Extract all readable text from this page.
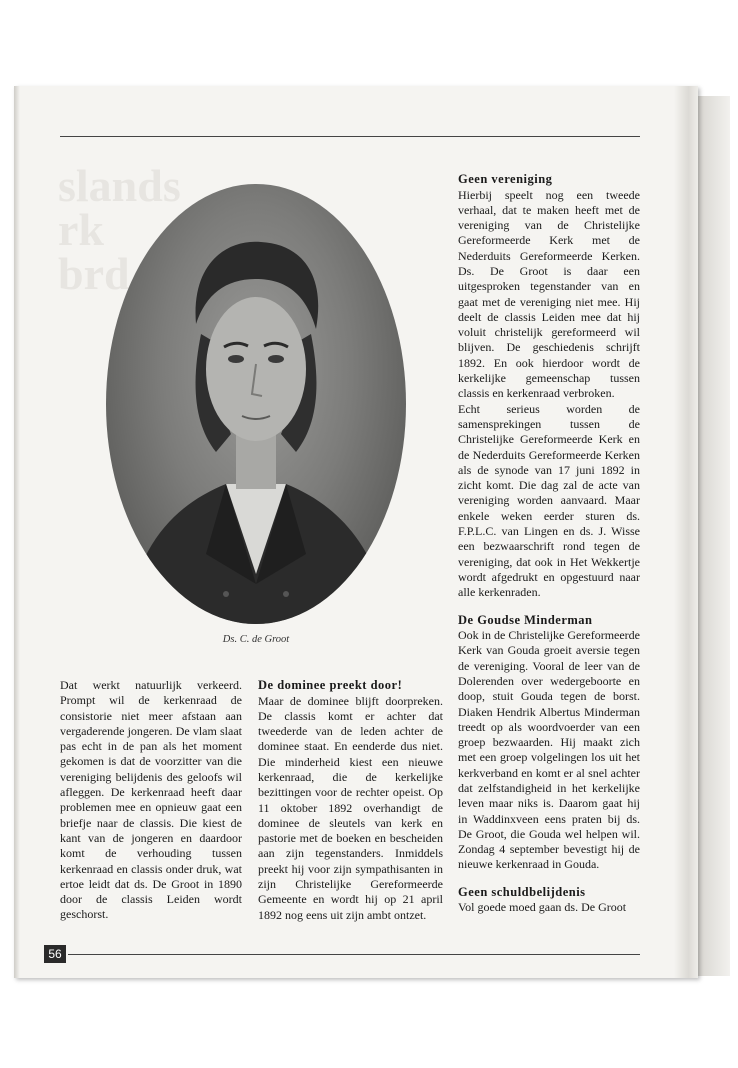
slands
rk
brd
Ds. C. de Groot

Dat werkt natuurlijk verkeerd. Prompt wil de kerkenraad de consistorie niet meer afstaan aan vergaderende jongeren. De vlam slaat pas echt in de pan als het moment gekomen is dat de voorzitter van die vereniging belijdenis des geloofs wil afleggen. De kerkenraad heeft daar problemen mee en opnieuw gaat een briefje naar de classis. Die kiest de kant van de jongeren en daardoor komt de verhouding tussen kerkenraad en classis onder druk, wat ertoe leidt dat ds. De Groot in 1890 door de classis Leiden wordt geschorst.

De dominee preekt door!

Maar de dominee blijft doorpreken. De classis komt er achter dat tweederde van de leden achter de dominee staat. En eenderde dus niet. Die minderheid kiest een nieuwe kerkenraad, die de kerkelijke bezittingen voor de rechter opeist. Op 11 oktober 1892 overhandigt de dominee de sleutels van kerk en pastorie met de boeken en bescheiden aan zijn tegenstanders. Inmiddels preekt hij voor zijn sympathisanten in zijn Christelijke Gereformeerde Gemeente en wordt hij op 21 april 1892 nog eens uit zijn ambt ontzet.

Geen vereniging

Hierbij speelt nog een tweede verhaal, dat te maken heeft met de vereniging van de Christelijke Gereformeerde Kerk met de Nederduits Gereformeerde Kerken. Ds. De Groot is daar een uitgesproken tegenstander van en gaat met de vereniging niet mee. Hij deelt de classis Leiden mee dat hij voluit christelijk gereformeerd wil blijven. De geschiedenis schrijft 1892. En ook hierdoor wordt de kerkelijke gemeenschap tussen classis en kerkenraad verbroken.

Echt serieus worden de samensprekingen tussen de Christelijke Gereformeerde Kerk en de Nederduits Gereformeerde Kerken als de synode van 17 juni 1892 in zicht komt. Die dag zal de acte van vereniging worden aanvaard. Maar enkele weken eerder sturen ds. F.P.L.C. van Lingen en ds. J. Wisse een bezwaarschrift rond tegen de vereniging, dat ook in Het Wekkertje wordt afgedrukt en opgestuurd naar alle kerkenraden.

De Goudse Minderman

Ook in de Christelijke Gereformeerde Kerk van Gouda groeit aversie tegen de vereniging. Vooral de leer van de Dolerenden over wedergeboorte en doop, stuit Gouda tegen de borst. Diaken Hendrik Albertus Minderman treedt op als woordvoerder van een groep bezwaarden. Hij maakt zich met een groep volgelingen los uit het kerkverband en komt er al snel achter dat zelfstandigheid in het kerkelijke leven maar niks is. Daarom gaat hij in Waddinxveen eens praten bij ds. De Groot, die Gouda wel helpen wil. Zondag 4 september bevestigt hij de nieuwe kerkenraad in Gouda.

Geen schuldbelijdenis

Vol goede moed gaan ds. De Groot

56
